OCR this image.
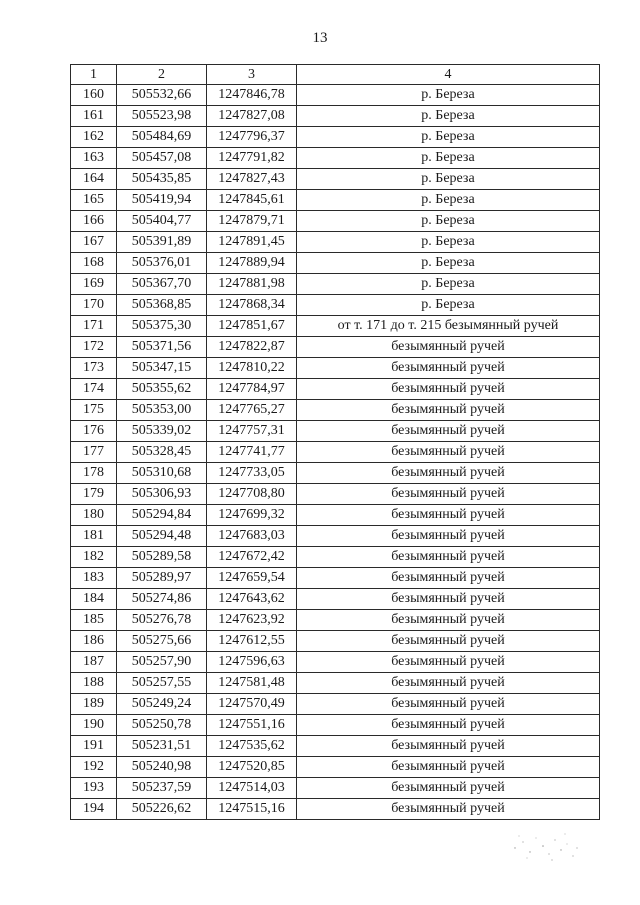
13
1	2	3	4
160	505532,66	1247846,78	р. Береза
161	505523,98	1247827,08	р. Береза
162	505484,69	1247796,37	р. Береза
163	505457,08	1247791,82	р. Береза
164	505435,85	1247827,43	р. Береза
165	505419,94	1247845,61	р. Береза
166	505404,77	1247879,71	р. Береза
167	505391,89	1247891,45	р. Береза
168	505376,01	1247889,94	р. Береза
169	505367,70	1247881,98	р. Береза
170	505368,85	1247868,34	р. Береза
171	505375,30	1247851,67	от т. 171 до т. 215 безымянный ручей
172	505371,56	1247822,87	безымянный ручей
173	505347,15	1247810,22	безымянный ручей
174	505355,62	1247784,97	безымянный ручей
175	505353,00	1247765,27	безымянный ручей
176	505339,02	1247757,31	безымянный ручей
177	505328,45	1247741,77	безымянный ручей
178	505310,68	1247733,05	безымянный ручей
179	505306,93	1247708,80	безымянный ручей
180	505294,84	1247699,32	безымянный ручей
181	505294,48	1247683,03	безымянный ручей
182	505289,58	1247672,42	безымянный ручей
183	505289,97	1247659,54	безымянный ручей
184	505274,86	1247643,62	безымянный ручей
185	505276,78	1247623,92	безымянный ручей
186	505275,66	1247612,55	безымянный ручей
187	505257,90	1247596,63	безымянный ручей
188	505257,55	1247581,48	безымянный ручей
189	505249,24	1247570,49	безымянный ручей
190	505250,78	1247551,16	безымянный ручей
191	505231,51	1247535,62	безымянный ручей
192	505240,98	1247520,85	безымянный ручей
193	505237,59	1247514,03	безымянный ручей
194	505226,62	1247515,16	безымянный ручей
